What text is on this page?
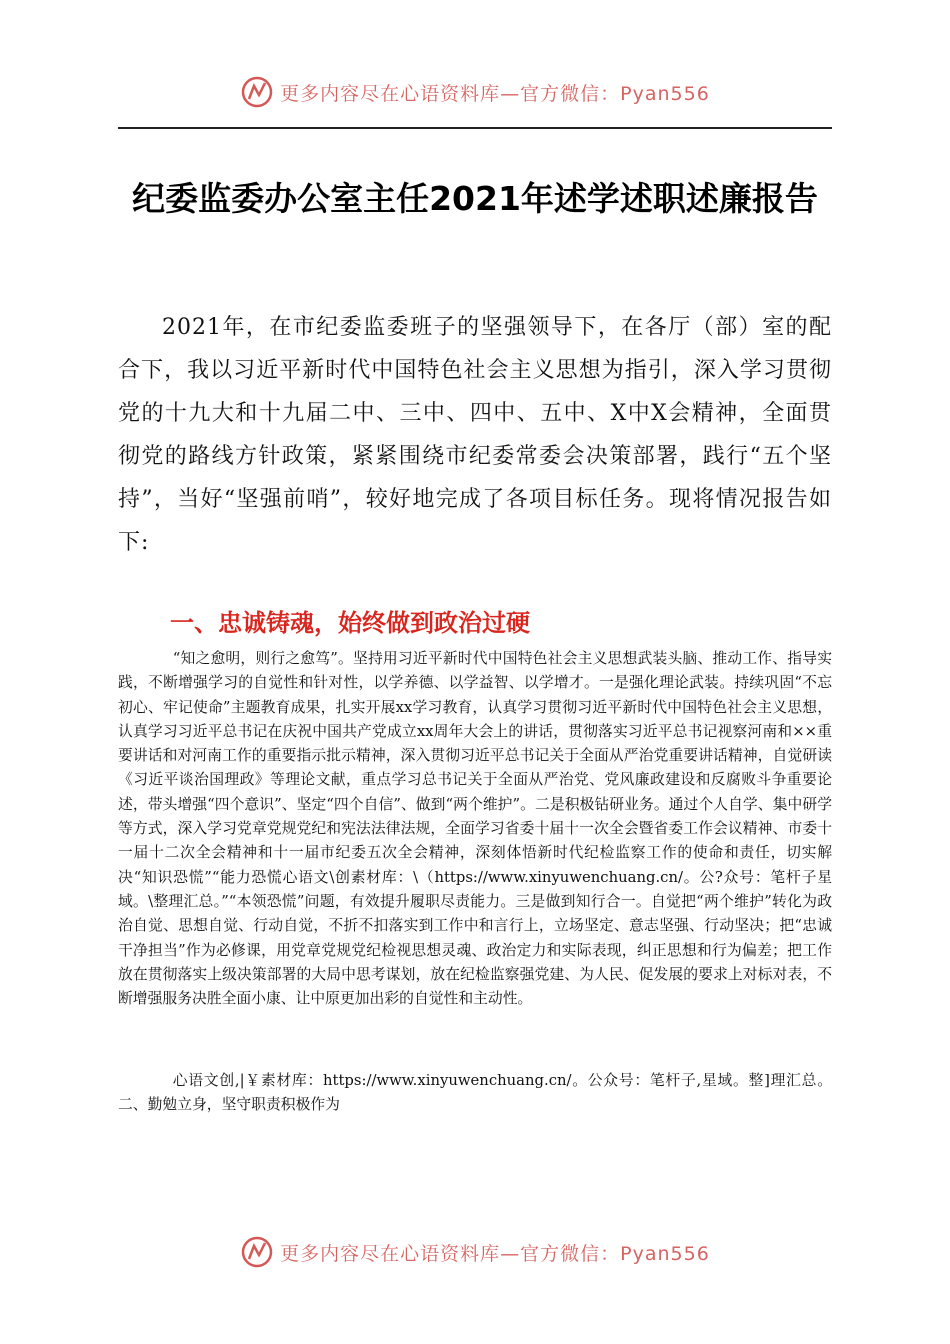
更多内容尽在心语资料库—官方微信：Pyan556
纪委监委办公室主任2021年述学述职述廉报告
2021年，在市纪委监委班子的坚强领导下，在各厅（部）室的配合下，我以习近平新时代中国特色社会主义思想为指引，深入学习贯彻党的十九大和十九届二中、三中、四中、五中、X中X会精神，全面贯彻党的路线方针政策，紧紧围绕市纪委常委会决策部署，践行“五个坚持”，当好“坚强前哨”，较好地完成了各项目标任务。现将情况报告如下:
一、忠诚铸魂，始终做到政治过硬
“知之愈明，则行之愈笃”。坚持用习近平新时代中国特色社会主义思想武装头脑、推动工作、指导实践，不断增强学习的自觉性和针对性，以学养德、以学益智、以学增才。一是强化理论武装。持续巩固“不忘初心、牢记使命”主题教育成果，扎实开展xx学习教育，认真学习贯彻习近平新时代中国特色社会主义思想，认真学习习近平总书记在庆祝中国共产党成立xx周年大会上的讲话，贯彻落实习近平总书记视察河南和××重要讲话和对河南工作的重要指示批示精神，深入贯彻习近平总书记关于全面从严治党重要讲话精神，自觉研读《习近平谈治国理政》等理论文献，重点学习总书记关于全面从严治党、党风廉政建设和反腐败斗争重要论述，带头增强“四个意识”、坚定“四个自信”、做到“两个维护”。二是积极钻研业务。通过个人自学、集中研学等方式，深入学习党章党规党纪和宪法法律法规，全面学习省委十届十一次全会暨省委工作会议精神、市委十一届十二次全会精神和十一届市纪委五次全会精神，深刻体悟新时代纪检监察工作的使命和责任，切实解决“知识恐慌”“能力恐慌心语文\创素材库：\（https://www.xinyuwenchuang.cn/。公?众号：笔杆子星域。\整理汇总。”“本领恐慌”问题，有效提升履职尽责能力。三是做到知行合一。自觉把“两个维护”转化为政治自觉、思想自觉、行动自觉，不折不扣落实到工作中和言行上，立场坚定、意志坚强、行动坚决；把“忠诚干净担当”作为必修课，用党章党规党纪检视思想灵魂、政治定力和实际表现，纠正思想和行为偏差；把工作放在贯彻落实上级决策部署的大局中思考谋划，放在纪检监察强党建、为人民、促发展的要求上对标对表，不断增强服务决胜全面小康、让中原更加出彩的自觉性和主动性。
心语文创,|￥素材库：https://www.xinyuwenchuang.cn/。公众号：笔杆子,星域。整]理汇总。二、勤勉立身，坚守职责积极作为
更多内容尽在心语资料库—官方微信：Pyan556
